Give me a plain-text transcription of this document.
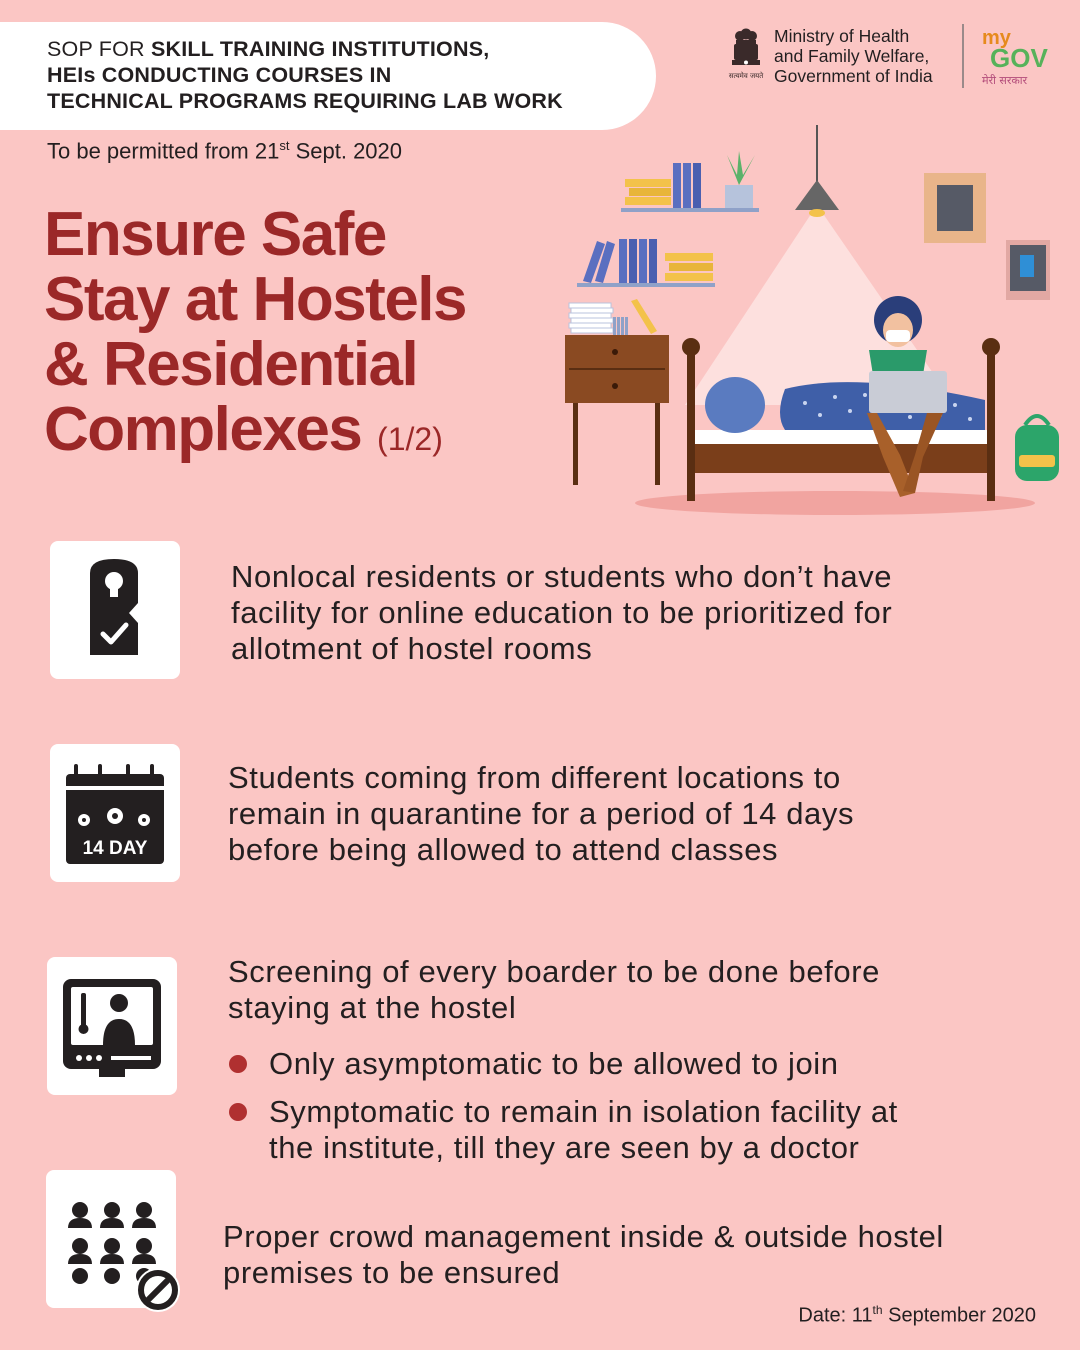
SOP FOR SKILL TRAINING INSTITUTIONS,
HEIs CONDUCTING COURSES IN
TECHNICAL PROGRAMS REQUIRING LAB WORK
सत्यमेव जयते
Ministry of Health
and Family Welfare,
Government of India
my
GOV
मेरी सरकार
To be permitted from 21st Sept. 2020
Ensure Safe
Stay at Hostels
& Residential
Complexes (1/2)
Nonlocal residents or students who don’t have
facility for online education to be prioritized for
allotment of hostel rooms
14 DAY
Students coming from different locations to
remain in quarantine for a period of 14 days
before being allowed to attend classes
Screening of every boarder to be done before
staying at the hostel
Only asymptomatic to be allowed to join
Symptomatic to remain in isolation facility at
the institute, till they are seen by a doctor
Proper crowd management inside & outside hostel
premises to be ensured
Date: 11th September 2020
